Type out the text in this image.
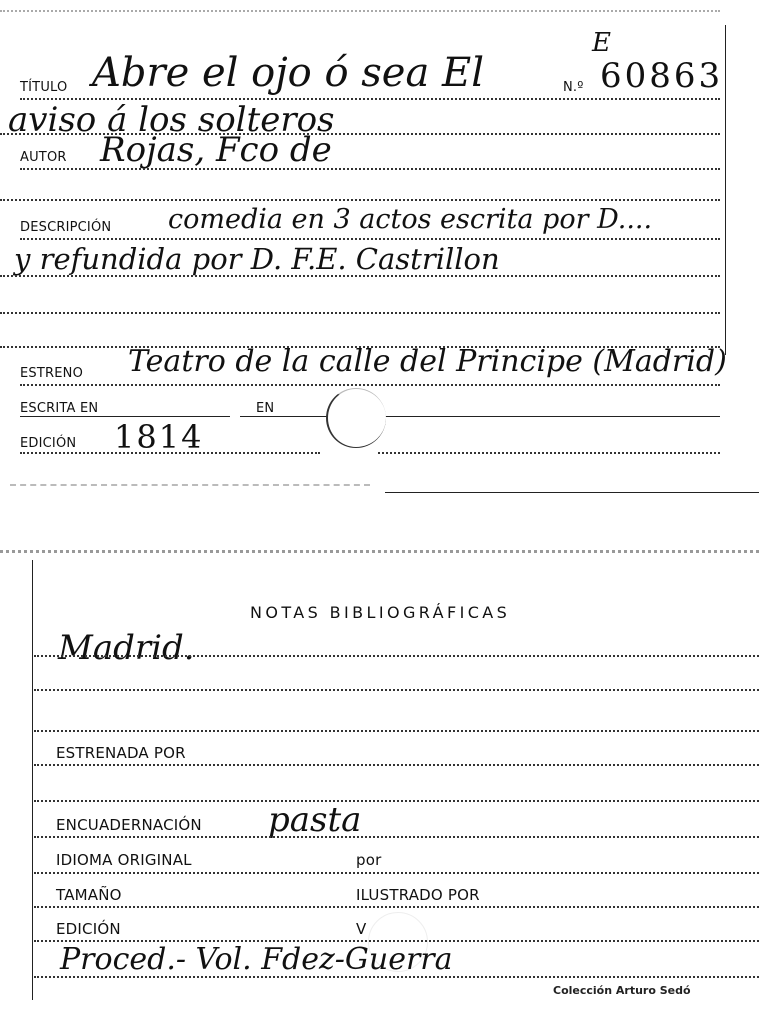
E
TÍTULO Abre el ojo ó sea El	N.º 60863
aviso á los solteros
AUTOR Rojas, Fco de
DESCRIPCIÓN comedia en 3 actos escrita por D....
y refundida por D. F.E. Castrillon
ESTRENO Teatro de la calle del Principe (Madrid)
ESCRITA EN	EN
EDICIÓN 1814
NOTAS BIBLIOGRÁFICAS
Madrid.
ESTRENADA POR
ENCUADERNACIÓN pasta
IDIOMA ORIGINAL	por
TAMAÑO	ILUSTRADO POR
EDICIÓN	V
Proced.- Vol. Fdez-Guerra
Colección Arturo Sedó
